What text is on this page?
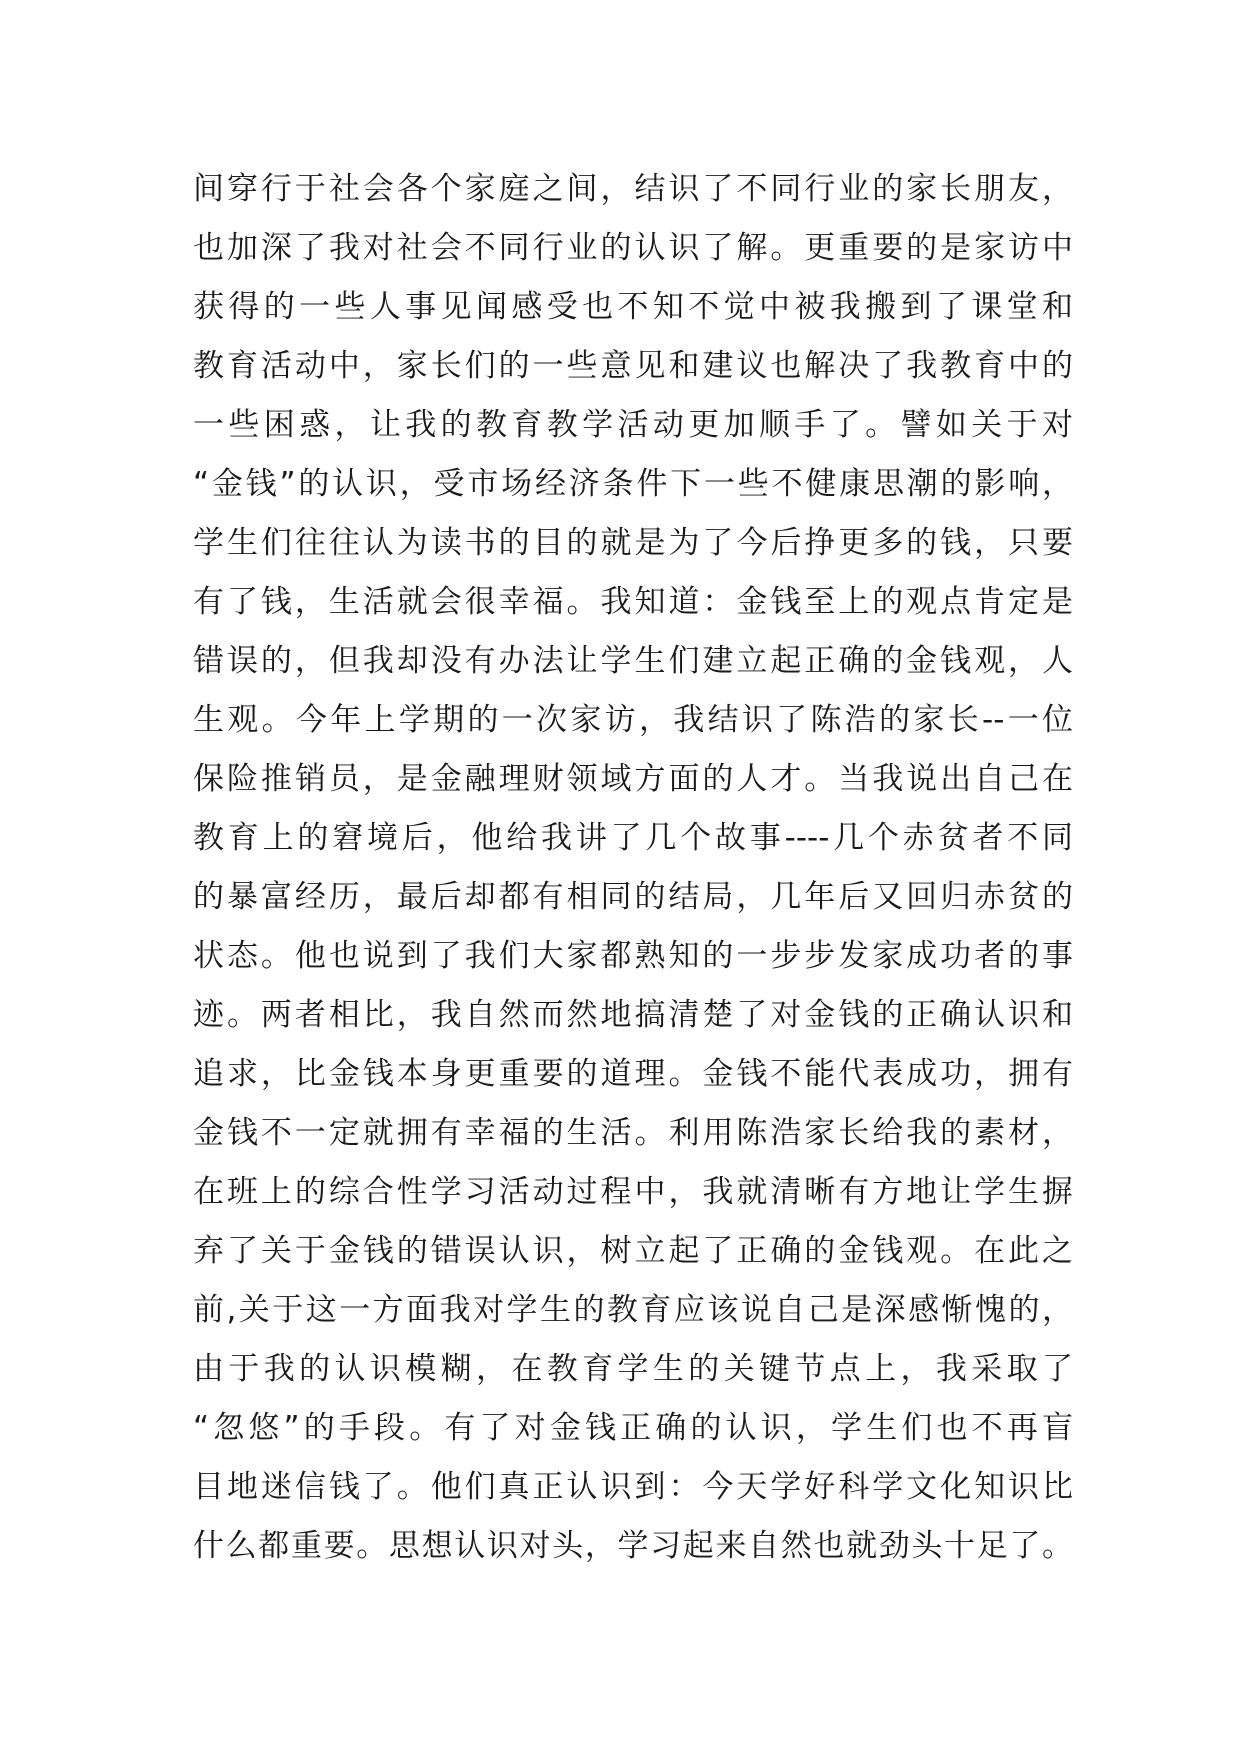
间穿行于社会各个家庭之间，结识了不同行业的家长朋友，
也加深了我对社会不同行业的认识了解。更重要的是家访中
获得的一些人事见闻感受也不知不觉中被我搬到了课堂和
教育活动中，家长们的一些意见和建议也解决了我教育中的
一些困惑，让我的教育教学活动更加顺手了。譬如关于对
“金钱”的认识，受市场经济条件下一些不健康思潮的影响，
学生们往往认为读书的目的就是为了今后挣更多的钱，只要
有了钱，生活就会很幸福。我知道：金钱至上的观点肯定是
错误的，但我却没有办法让学生们建立起正确的金钱观，人
生观。今年上学期的一次家访，我结识了陈浩的家长--一位
保险推销员，是金融理财领域方面的人才。当我说出自己在
教育上的窘境后，他给我讲了几个故事----几个赤贫者不同
的暴富经历，最后却都有相同的结局，几年后又回归赤贫的
状态。他也说到了我们大家都熟知的一步步发家成功者的事
迹。两者相比，我自然而然地搞清楚了对金钱的正确认识和
追求，比金钱本身更重要的道理。金钱不能代表成功，拥有
金钱不一定就拥有幸福的生活。利用陈浩家长给我的素材，
在班上的综合性学习活动过程中，我就清晰有方地让学生摒
弃了关于金钱的错误认识，树立起了正确的金钱观。在此之
前,关于这一方面我对学生的教育应该说自己是深感惭愧的，
由于我的认识模糊，在教育学生的关键节点上，我采取了
“忽悠”的手段。有了对金钱正确的认识，学生们也不再盲
目地迷信钱了。他们真正认识到：今天学好科学文化知识比
什么都重要。思想认识对头，学习起来自然也就劲头十足了。
